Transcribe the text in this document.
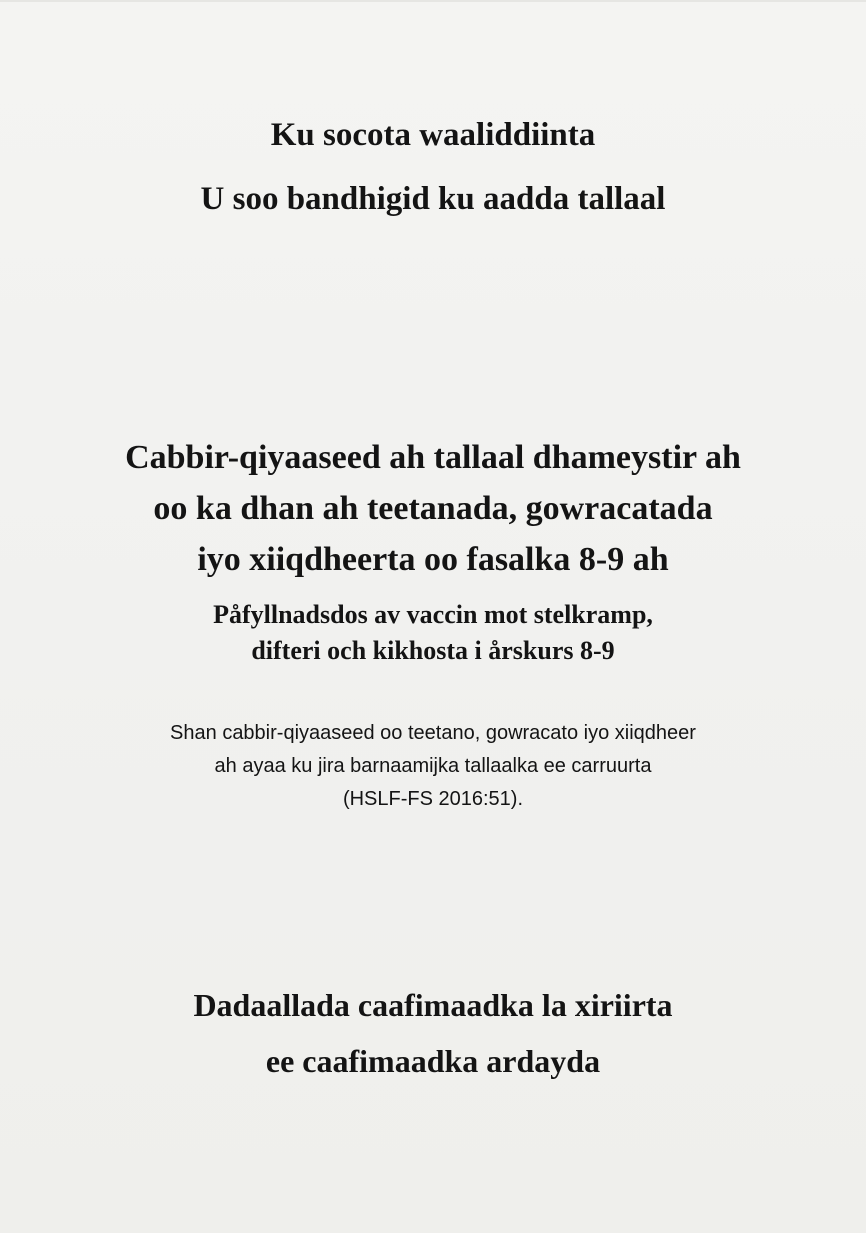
Ku socota waaliddiinta
U soo bandhigid ku aadda tallaal
Cabbir-qiyaaseed ah tallaal dhameystir ah
oo ka dhan ah teetanada, gowracatada
iyo xiiqdheerta oo fasalka 8-9 ah
Påfyllnadsdos av vaccin mot stelkramp,
difteri och kikhosta i årskurs 8-9
Shan cabbir-qiyaaseed oo teetano, gowracato iyo xiiqdheer
ah ayaa ku jira barnaamijka tallaalka ee carruurta
(HSLF-FS 2016:51).
Dadaallada caafimaadka la xiriirta
ee caafimaadka ardayda
